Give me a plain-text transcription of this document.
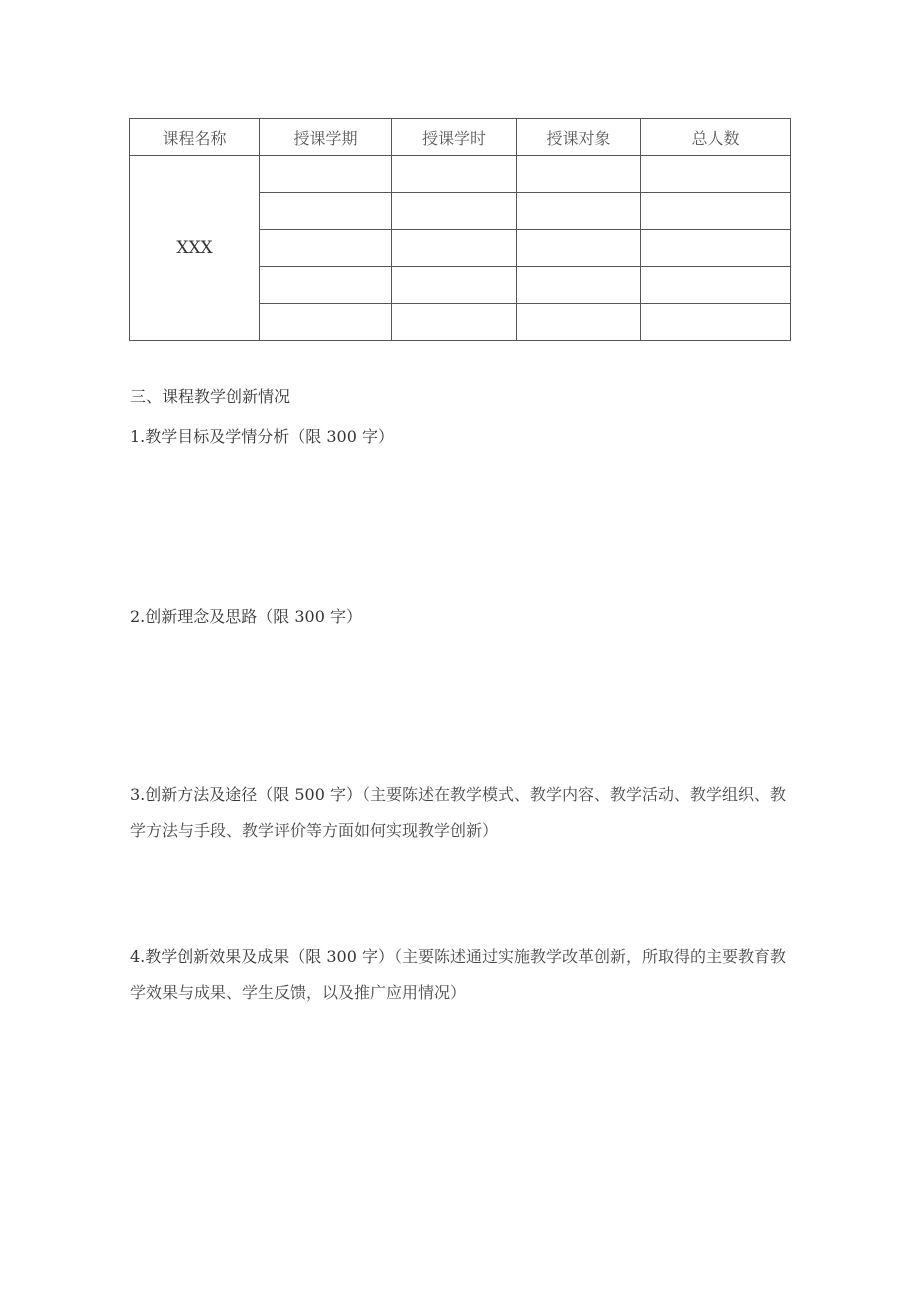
课程名称	授课学期	授课学时	授课对象	总人数
XXX				

三、课程教学创新情况

1.教学目标及学情分析（限 300 字）

2.创新理念及思路（限 300 字）

3.创新方法及途径（限 500 字）（主要陈述在教学模式、教学内容、教学活动、教学组织、教学方法与手段、教学评价等方面如何实现教学创新）

4.教学创新效果及成果（限 300 字）（主要陈述通过实施教学改革创新，所取得的主要教育教学效果与成果、学生反馈，以及推广应用情况）
